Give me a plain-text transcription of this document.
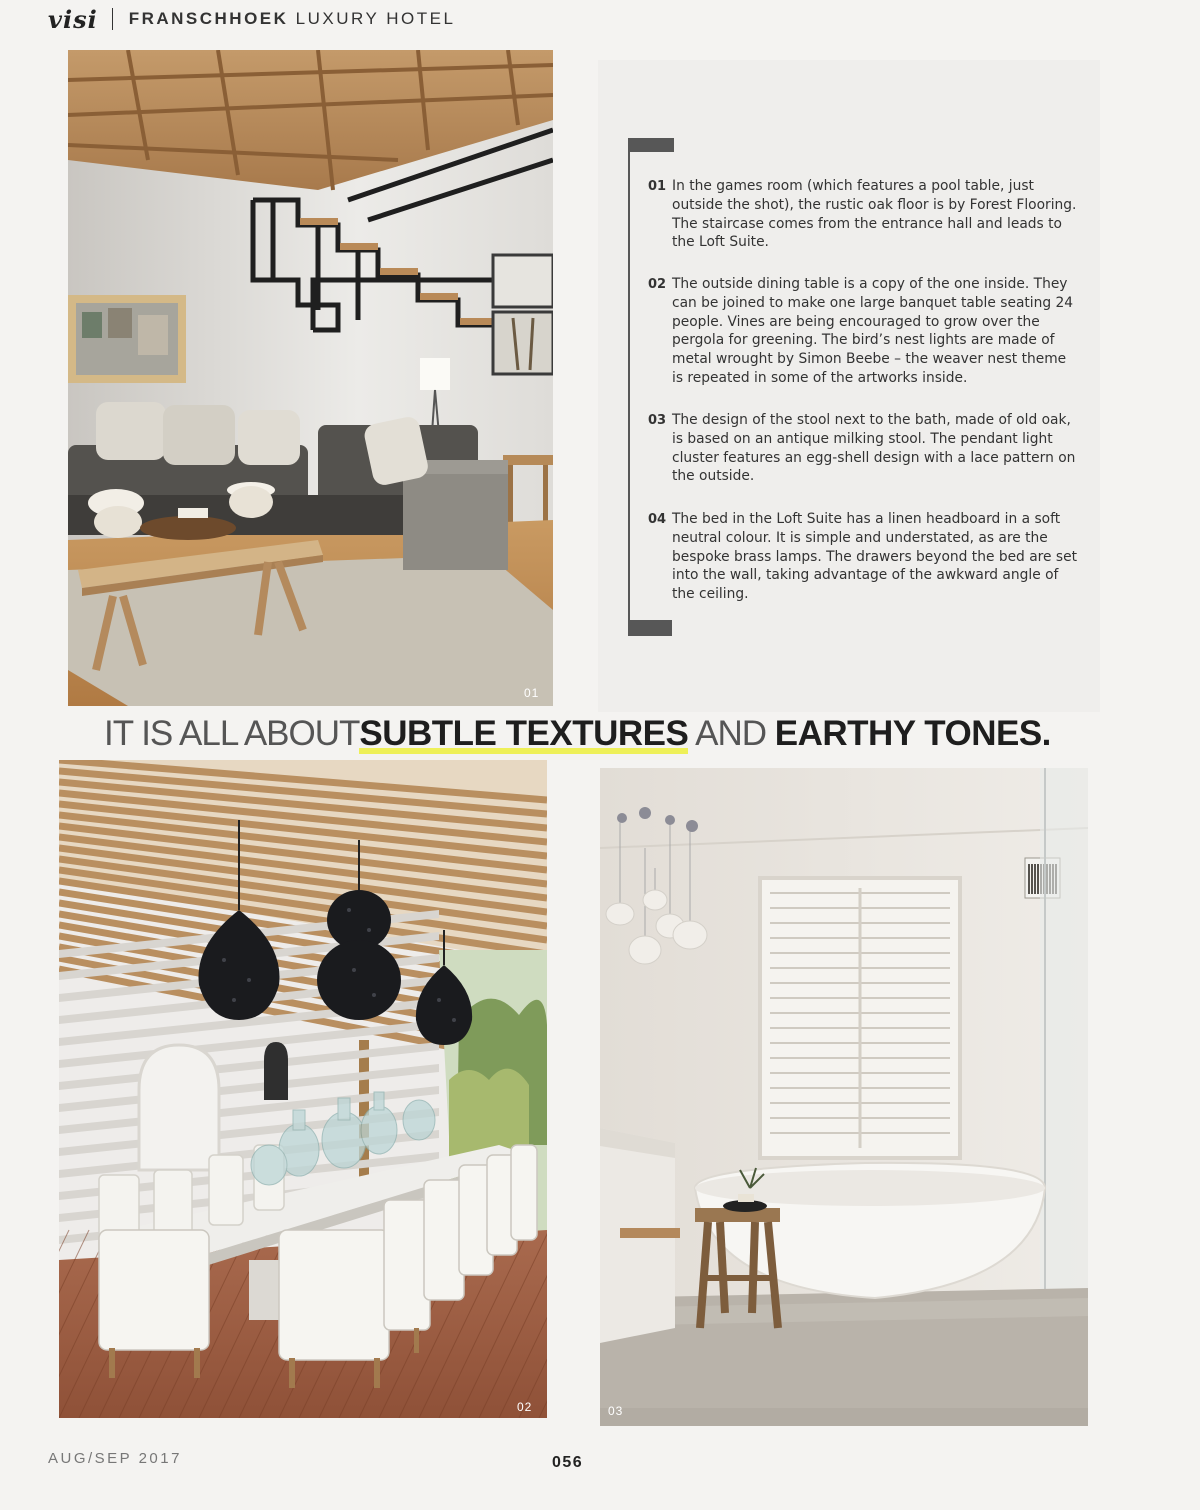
visi FRANSCHHOEK LUXURY HOTEL
01
01 In the games room (which features a pool table, just outside the shot), the rustic oak floor is by Forest Flooring. The staircase comes from the entrance hall and leads to the Loft Suite.
02 The outside dining table is a copy of the one inside. They can be joined to make one large banquet table seating 24 people. Vines are being encouraged to grow over the pergola for greening. The bird’s nest lights are made of metal wrought by Simon Beebe – the weaver nest theme is repeated in some of the artworks inside.
03 The design of the stool next to the bath, made of old oak, is based on an antique milking stool. The pendant light cluster features an egg-shell design with a lace pattern on the outside.
04 The bed in the Loft Suite has a linen headboard in a soft neutral colour. It is simple and understated, as are the bespoke brass lamps. The drawers beyond the bed are set into the wall, taking advantage of the awkward angle of the ceiling.
IT IS ALL ABOUT SUBTLE TEXTURES AND EARTHY TONES.
02	03
AUG/SEP 2017	056
